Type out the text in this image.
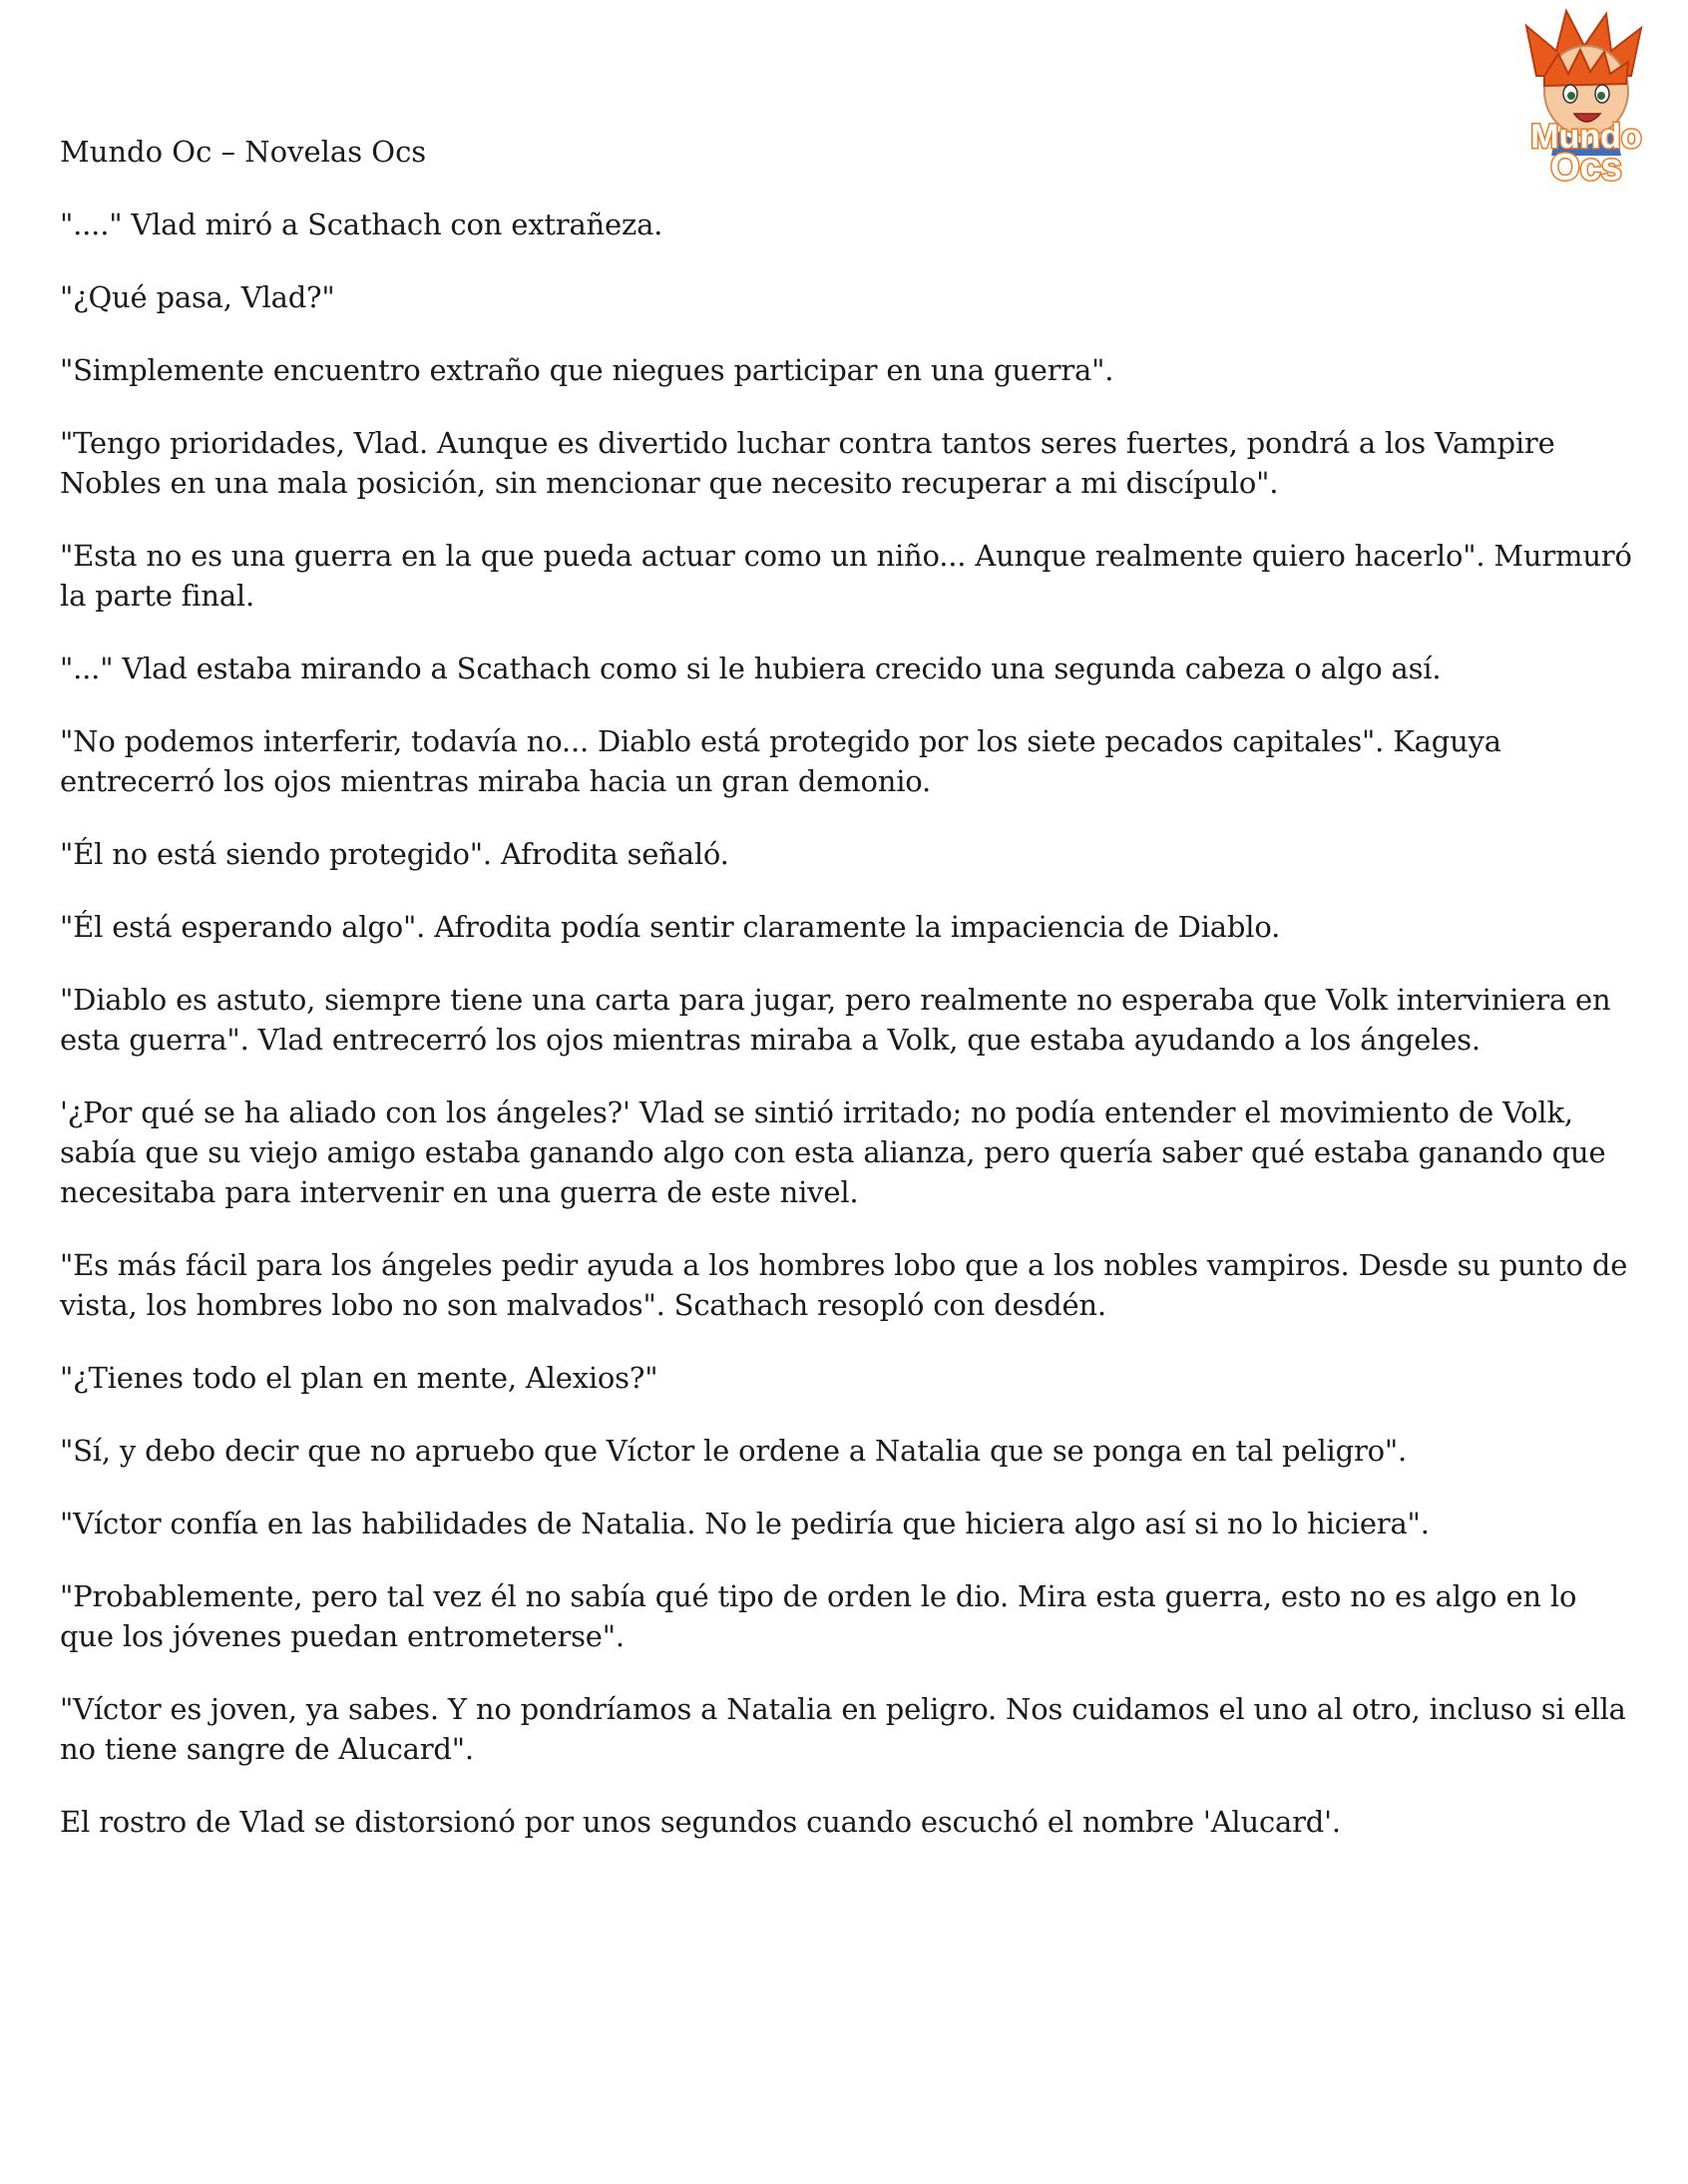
Mundo Oc – Novelas Ocs	Mundo
Ocs

"...." Vlad miró a Scathach con extrañeza.

"¿Qué pasa, Vlad?"

"Simplemente encuentro extraño que niegues participar en una guerra".

"Tengo prioridades, Vlad. Aunque es divertido luchar contra tantos seres fuertes, pondrá a los Vampire Nobles en una mala posición, sin mencionar que necesito recuperar a mi discípulo".

"Esta no es una guerra en la que pueda actuar como un niño... Aunque realmente quiero hacerlo". Murmuró la parte final.

"..." Vlad estaba mirando a Scathach como si le hubiera crecido una segunda cabeza o algo así.

"No podemos interferir, todavía no... Diablo está protegido por los siete pecados capitales". Kaguya entrecerró los ojos mientras miraba hacia un gran demonio.

"Él no está siendo protegido". Afrodita señaló.

"Él está esperando algo". Afrodita podía sentir claramente la impaciencia de Diablo.

"Diablo es astuto, siempre tiene una carta para jugar, pero realmente no esperaba que Volk interviniera en esta guerra". Vlad entrecerró los ojos mientras miraba a Volk, que estaba ayudando a los ángeles.

'¿Por qué se ha aliado con los ángeles?' Vlad se sintió irritado; no podía entender el movimiento de Volk, sabía que su viejo amigo estaba ganando algo con esta alianza, pero quería saber qué estaba ganando que necesitaba para intervenir en una guerra de este nivel.

"Es más fácil para los ángeles pedir ayuda a los hombres lobo que a los nobles vampiros. Desde su punto de vista, los hombres lobo no son malvados". Scathach resopló con desdén.

"¿Tienes todo el plan en mente, Alexios?"

"Sí, y debo decir que no apruebo que Víctor le ordene a Natalia que se ponga en tal peligro".

"Víctor confía en las habilidades de Natalia. No le pediría que hiciera algo así si no lo hiciera".

"Probablemente, pero tal vez él no sabía qué tipo de orden le dio. Mira esta guerra, esto no es algo en lo que los jóvenes puedan entrometerse".

"Víctor es joven, ya sabes. Y no pondríamos a Natalia en peligro. Nos cuidamos el uno al otro, incluso si ella no tiene sangre de Alucard".

El rostro de Vlad se distorsionó por unos segundos cuando escuchó el nombre 'Alucard'.
